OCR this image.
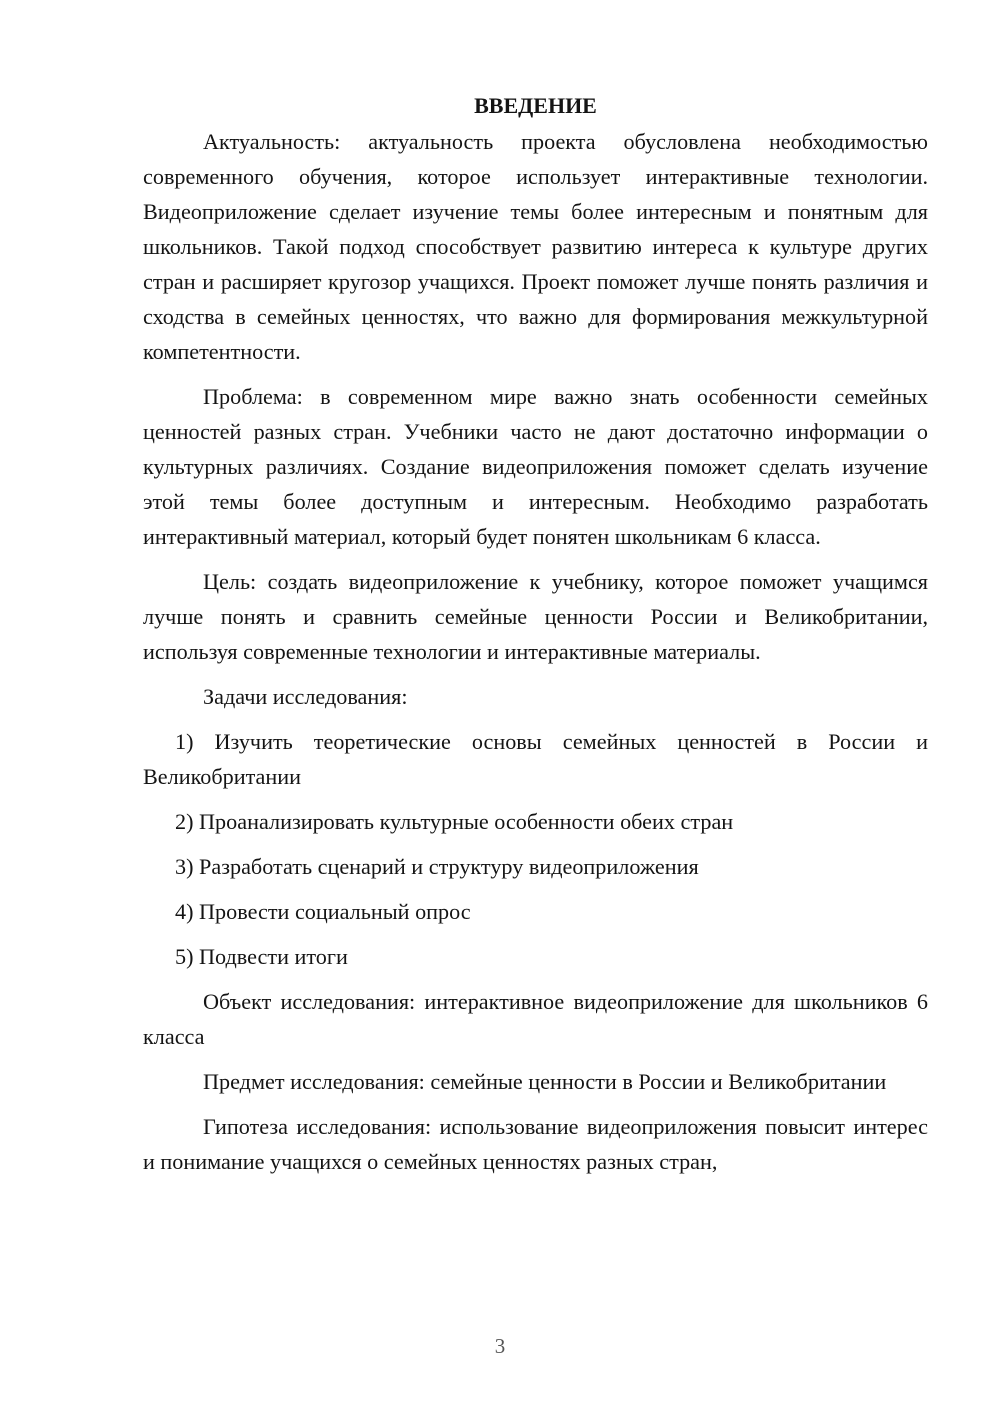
ВВЕДЕНИЕ

Актуальность: актуальность проекта обусловлена необходимостью современного обучения, которое использует интерактивные технологии. Видеоприложение сделает изучение темы более интересным и понятным для школьников. Такой подход способствует развитию интереса к культуре других стран и расширяет кругозор учащихся. Проект поможет лучше понять различия и сходства в семейных ценностях, что важно для формирования межкультурной компетентности.

Проблема: в современном мире важно знать особенности семейных ценностей разных стран. Учебники часто не дают достаточно информации о культурных различиях. Создание видеоприложения поможет сделать изучение этой темы более доступным и интересным. Необходимо разработать интерактивный материал, который будет понятен школьникам 6 класса.

Цель: создать видеоприложение к учебнику, которое поможет учащимся лучше понять и сравнить семейные ценности России и Великобритании, используя современные технологии и интерактивные материалы.

Задачи исследования:

1) Изучить теоретические основы семейных ценностей в России и Великобритании

2) Проанализировать культурные особенности обеих стран

3) Разработать сценарий и структуру видеоприложения

4) Провести социальный опрос

5) Подвести итоги

Объект исследования: интерактивное видеоприложение для школьников 6 класса

Предмет исследования: семейные ценности в России и Великобритании

Гипотеза исследования: использование видеоприложения повысит интерес и понимание учащихся о семейных ценностях разных стран,

3
